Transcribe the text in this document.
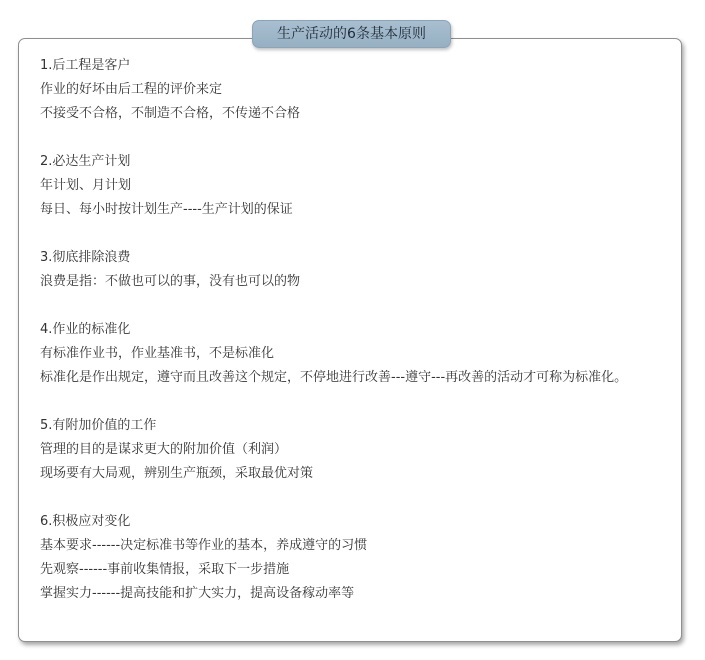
生产活动的6条基本原则
1.后工程是客户
作业的好坏由后工程的评价来定
不接受不合格，不制造不合格，不传递不合格
2.必达生产计划
年计划、月计划
每日、每小时按计划生产----生产计划的保证
3.彻底排除浪费
浪费是指：不做也可以的事，没有也可以的物
4.作业的标准化
有标准作业书，作业基准书，不是标准化
标准化是作出规定，遵守而且改善这个规定，不停地进行改善---遵守---再改善的活动才可称为标准化。
5.有附加价值的工作
管理的目的是谋求更大的附加价值（利润）
现场要有大局观，辨别生产瓶颈，采取最优对策
6.积极应对变化
基本要求------决定标准书等作业的基本，养成遵守的习惯
先观察------事前收集情报，采取下一步措施
掌握实力------提高技能和扩大实力，提高设备稼动率等
